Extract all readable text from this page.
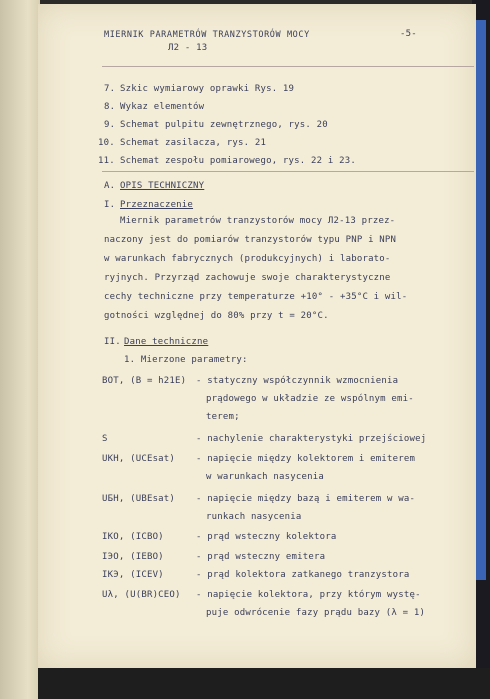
MIERNIK PARAMETRÓW TRANZYSTORÓW MOCY	-5-
Л2 - 13
7. Szkic wymiarowy oprawki Rys. 19
8. Wykaz elementów
9. Schemat pulpitu zewnętrznego, rys. 20
10. Schemat zasilacza, rys. 21
11. Schemat zespołu pomiarowego, rys. 22 i 23.
A. OPIS TECHNICZNY
I. Przeznaczenie
Miernik parametrów tranzystorów mocy Л2-13 przez-
naczony jest do pomiarów tranzystorów typu PNP i NPN
w warunkach fabrycznych (produkcyjnych) i laborato-
ryjnych. Przyrząd zachowuje swoje charakterystyczne
cechy techniczne przy temperaturze +10° - +35°C i wil-
gotności względnej do 80% przy t = 20°C.
II. Dane techniczne
1. Mierzone parametry:
BOT, (B = h21E) - statyczny współczynnik wzmocnienia
prądowego w układzie ze wspólnym emi-
terem;
S	- nachylenie charakterystyki przejściowej
UKH, (UCEsat) - napięcie między kolektorem i emiterem
w warunkach nasycenia
UБH, (UBEsat) - napięcie między bazą i emiterem w wa-
runkach nasycenia
IKO, (ICBO)	- prąd wsteczny kolektora
IЭO, (IEBO)	- prąd wsteczny emitera
IKЭ, (ICEV)	- prąd kolektora zatkanego tranzystora
Uλ, (U(BR)CEO) - napięcie kolektora, przy którym wystę-
puje odwrócenie fazy prądu bazy (λ = 1)
